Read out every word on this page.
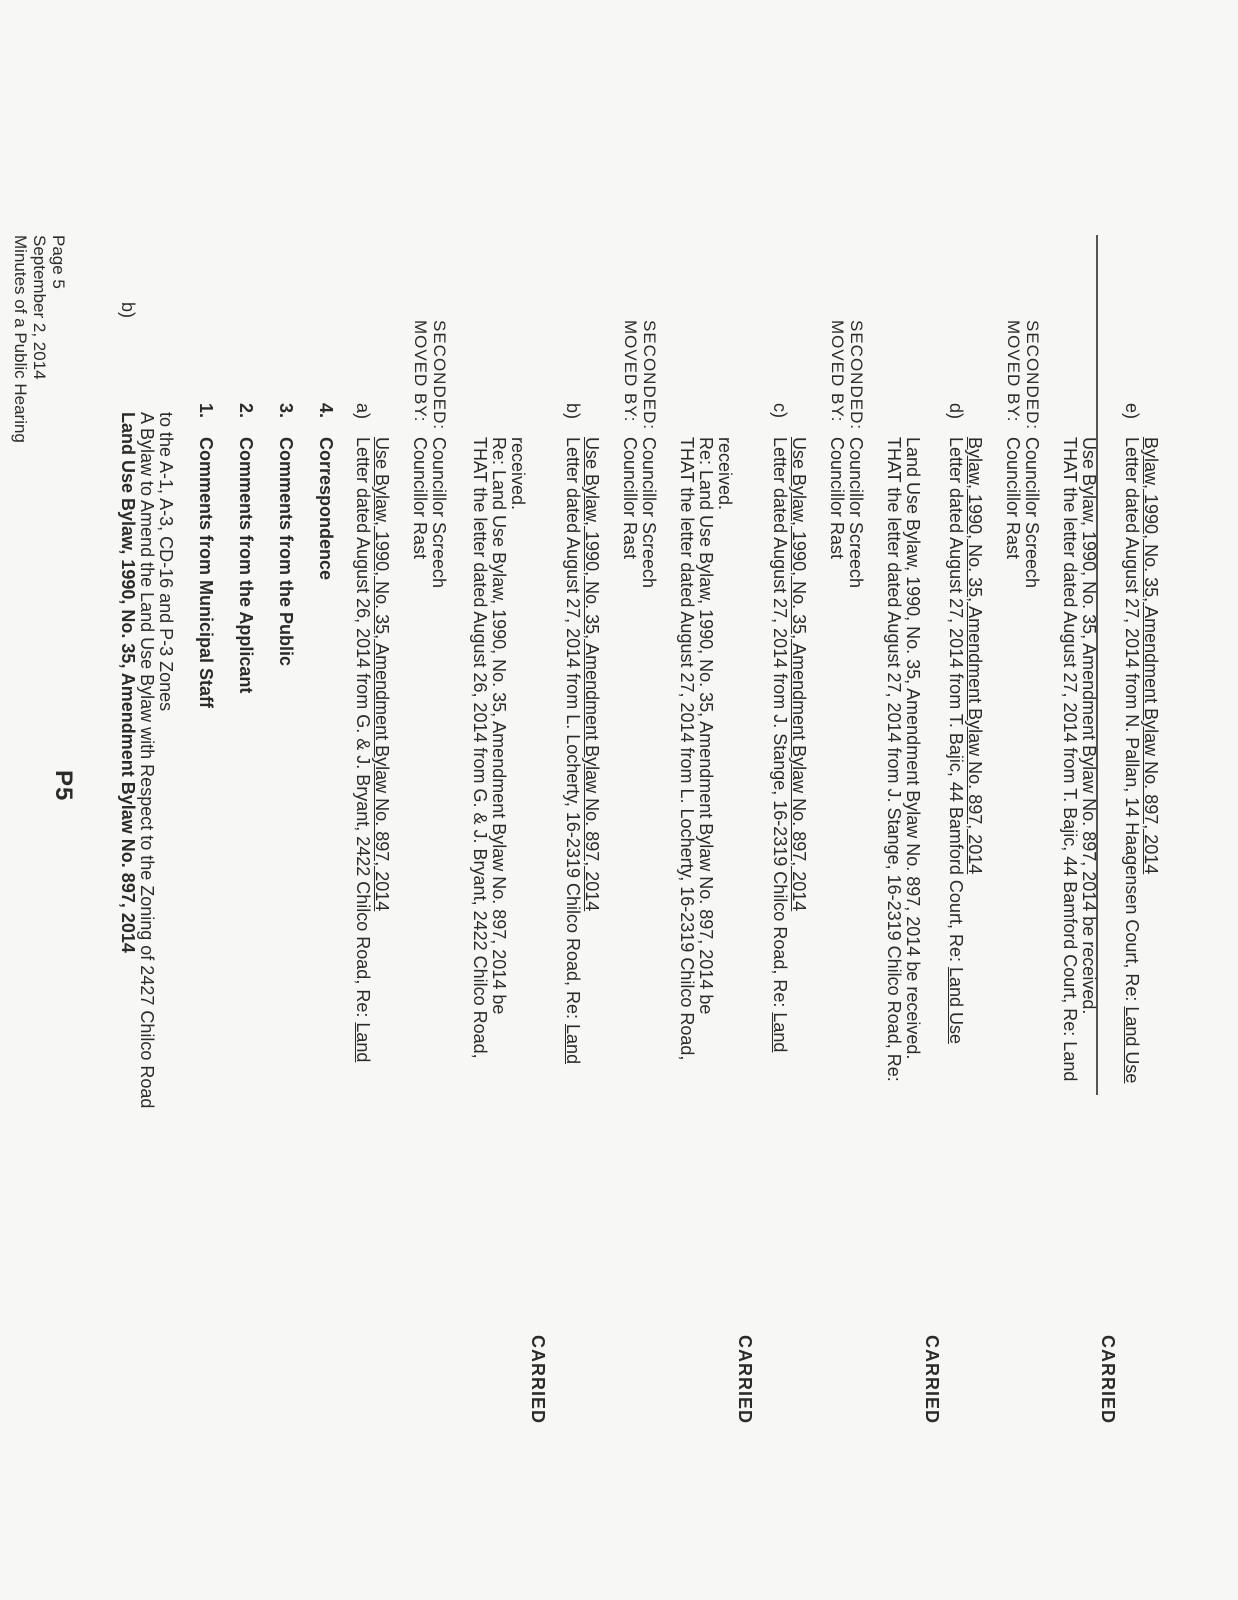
Minutes of a Public Hearing September 2, 2014 Page 5
P5
b)
Land Use Bylaw, 1990, No. 35, Amendment Bylaw No. 897, 2014 A Bylaw to Amend the Land Use Bylaw with Respect to the Zoning of 2427 Chilco Road to the A-1, A-3, CD-16 and P-3 Zones
1.
Comments from Municipal Staff
2.
Comments from the Applicant
3.
Comments from the Public
4.
Correspondence
a)
Letter dated August 26, 2014 from G. & J. Bryant, 2422 Chilco Road, Re: Land
Use Bylaw, 1990, No. 35, Amendment Bylaw No. 897, 2014
MOVED BY:
Councillor Rast
SECONDED:
Councillor Screech THAT the letter dated August 26, 2014 from G. & J. Bryant, 2422 Chilco Road, Re: Land Use Bylaw, 1990, No. 35, Amendment Bylaw No. 897, 2014 be received.
CARRIED
b)
Letter dated August 27, 2014 from L. Locherty, 16-2319 Chilco Road, Re: Land
Use Bylaw, 1990, No. 35, Amendment Bylaw No. 897, 2014
MOVED BY:
Councillor Rast
SECONDED:
Councillor Screech THAT the letter dated August 27, 2014 from L. Locherty, 16-2319 Chilco Road, Re: Land Use Bylaw, 1990, No. 35, Amendment Bylaw No. 897, 2014 be received.
CARRIED
c)
Letter dated August 27, 2014 from J. Stange, 16-2319 Chilco Road, Re: Land
Use Bylaw, 1990, No. 35, Amendment Bylaw No. 897, 2014
MOVED BY:
Councillor Rast
SECONDED:
Councillor Screech THAT the letter dated August 27, 2014 from J. Stange, 16-2319 Chilco Road, Re: Land Use Bylaw, 1990, No. 35, Amendment Bylaw No. 897, 2014 be received.
CARRIED
d)
Letter dated August 27, 2014 from T. Bajic, 44 Bamford Court, Re: Land Use
Bylaw, 1990, No. 35, Amendment Bylaw No. 897, 2014
MOVED BY:
Councillor Rast
SECONDED:
Councillor Screech THAT the letter dated August 27, 2014 from T. Bajic, 44 Bamford Court, Re: Land Use Bylaw, 1990, No. 35, Amendment Bylaw No. 897, 2014 be received.
CARRIED
e)
Letter dated August 27, 2014 from N. Pallan, 14 Haagensen Court, Re: Land Use
Bylaw, 1990, No. 35, Amendment Bylaw No. 897, 2014
